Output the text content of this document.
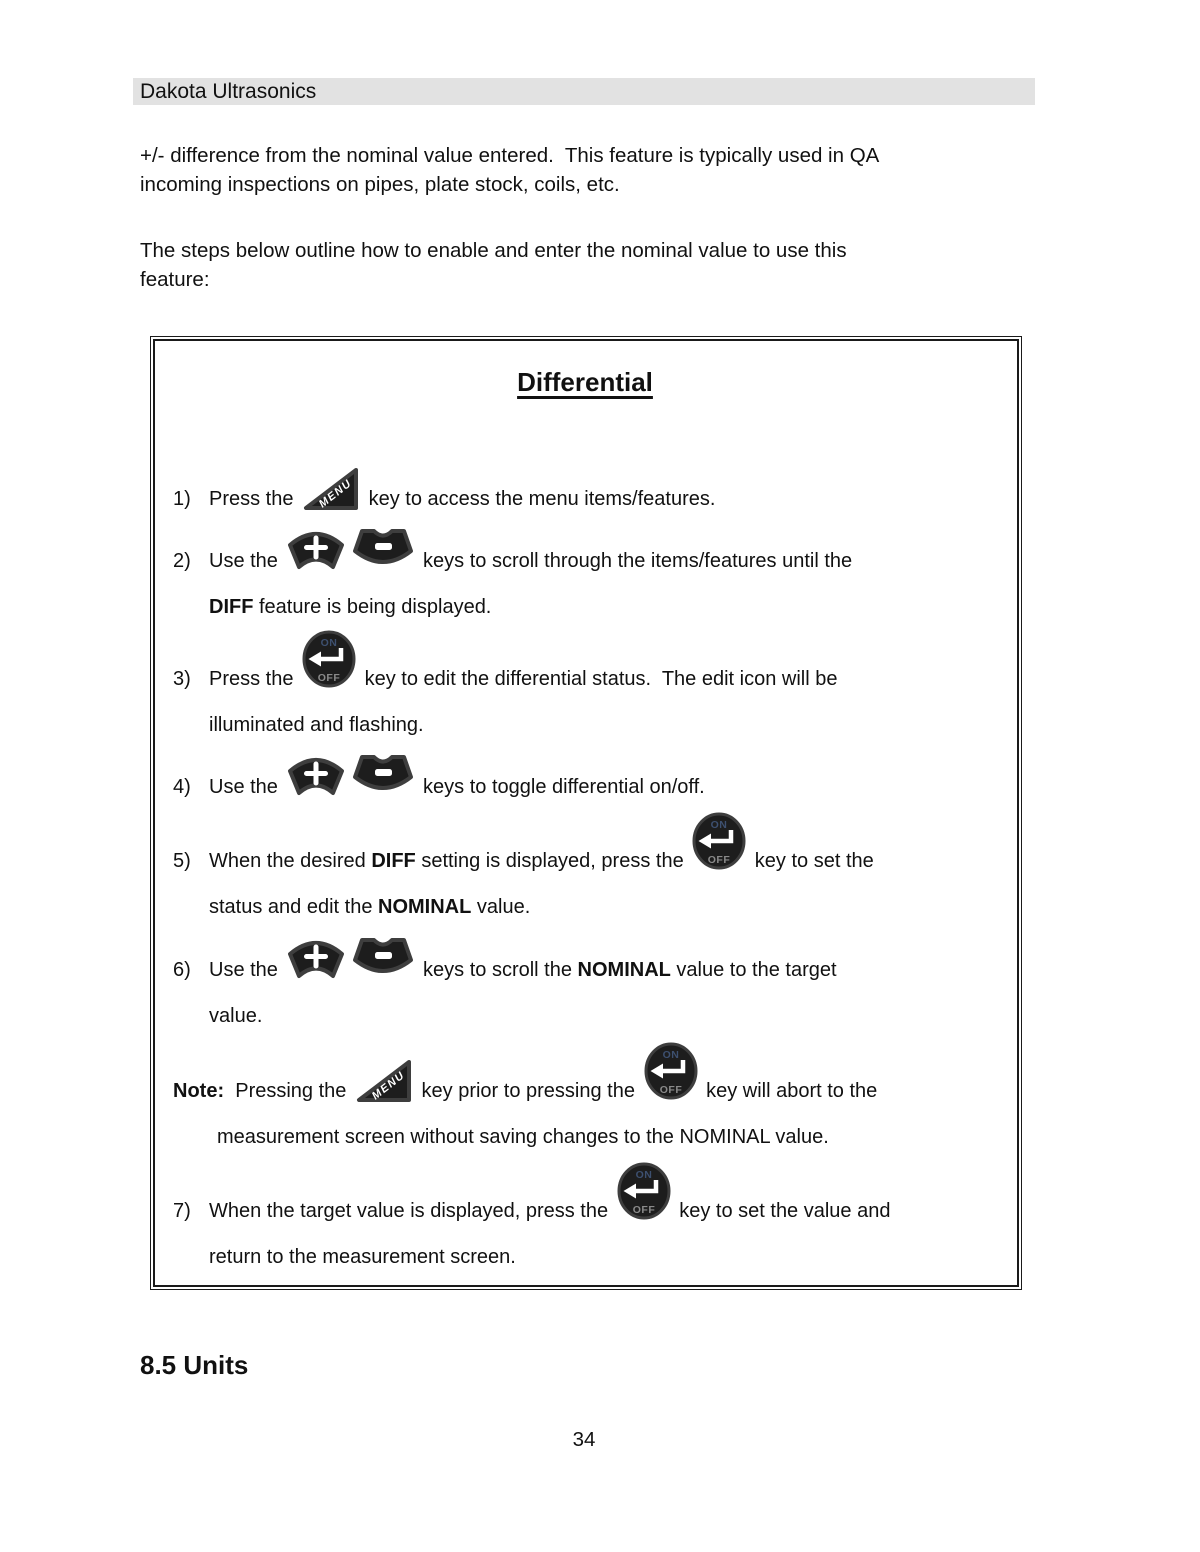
Dakota Ultrasonics

+/- difference from the nominal value entered.  This feature is typically used in QA
incoming inspections on pipes, plate stock, coils, etc.

The steps below outline how to enable and enter the nominal value to use this
feature:

Differential
1) Press the MENU key to access the menu items/features.
2) Use the	keys to scroll through the items/features until the
DIFF feature is being displayed.
3) Press the
ON
OFF key to edit the differential status.  The edit icon will be
illuminated and flashing.
4) Use the	keys to toggle differential on/off.
5) When the desired DIFF setting is displayed, press the
ON
OFF key to set the
status and edit the NOMINAL value.
6) Use the	keys to scroll the NOMINAL value to the target
value.
Note:  Pressing the MENU key prior to pressing the
ON
OFF key will abort to the
measurement screen without saving changes to the NOMINAL value.
7) When the target value is displayed, press the
ON
OFF key to set the value and
return to the measurement screen.
8.5 Units
34
